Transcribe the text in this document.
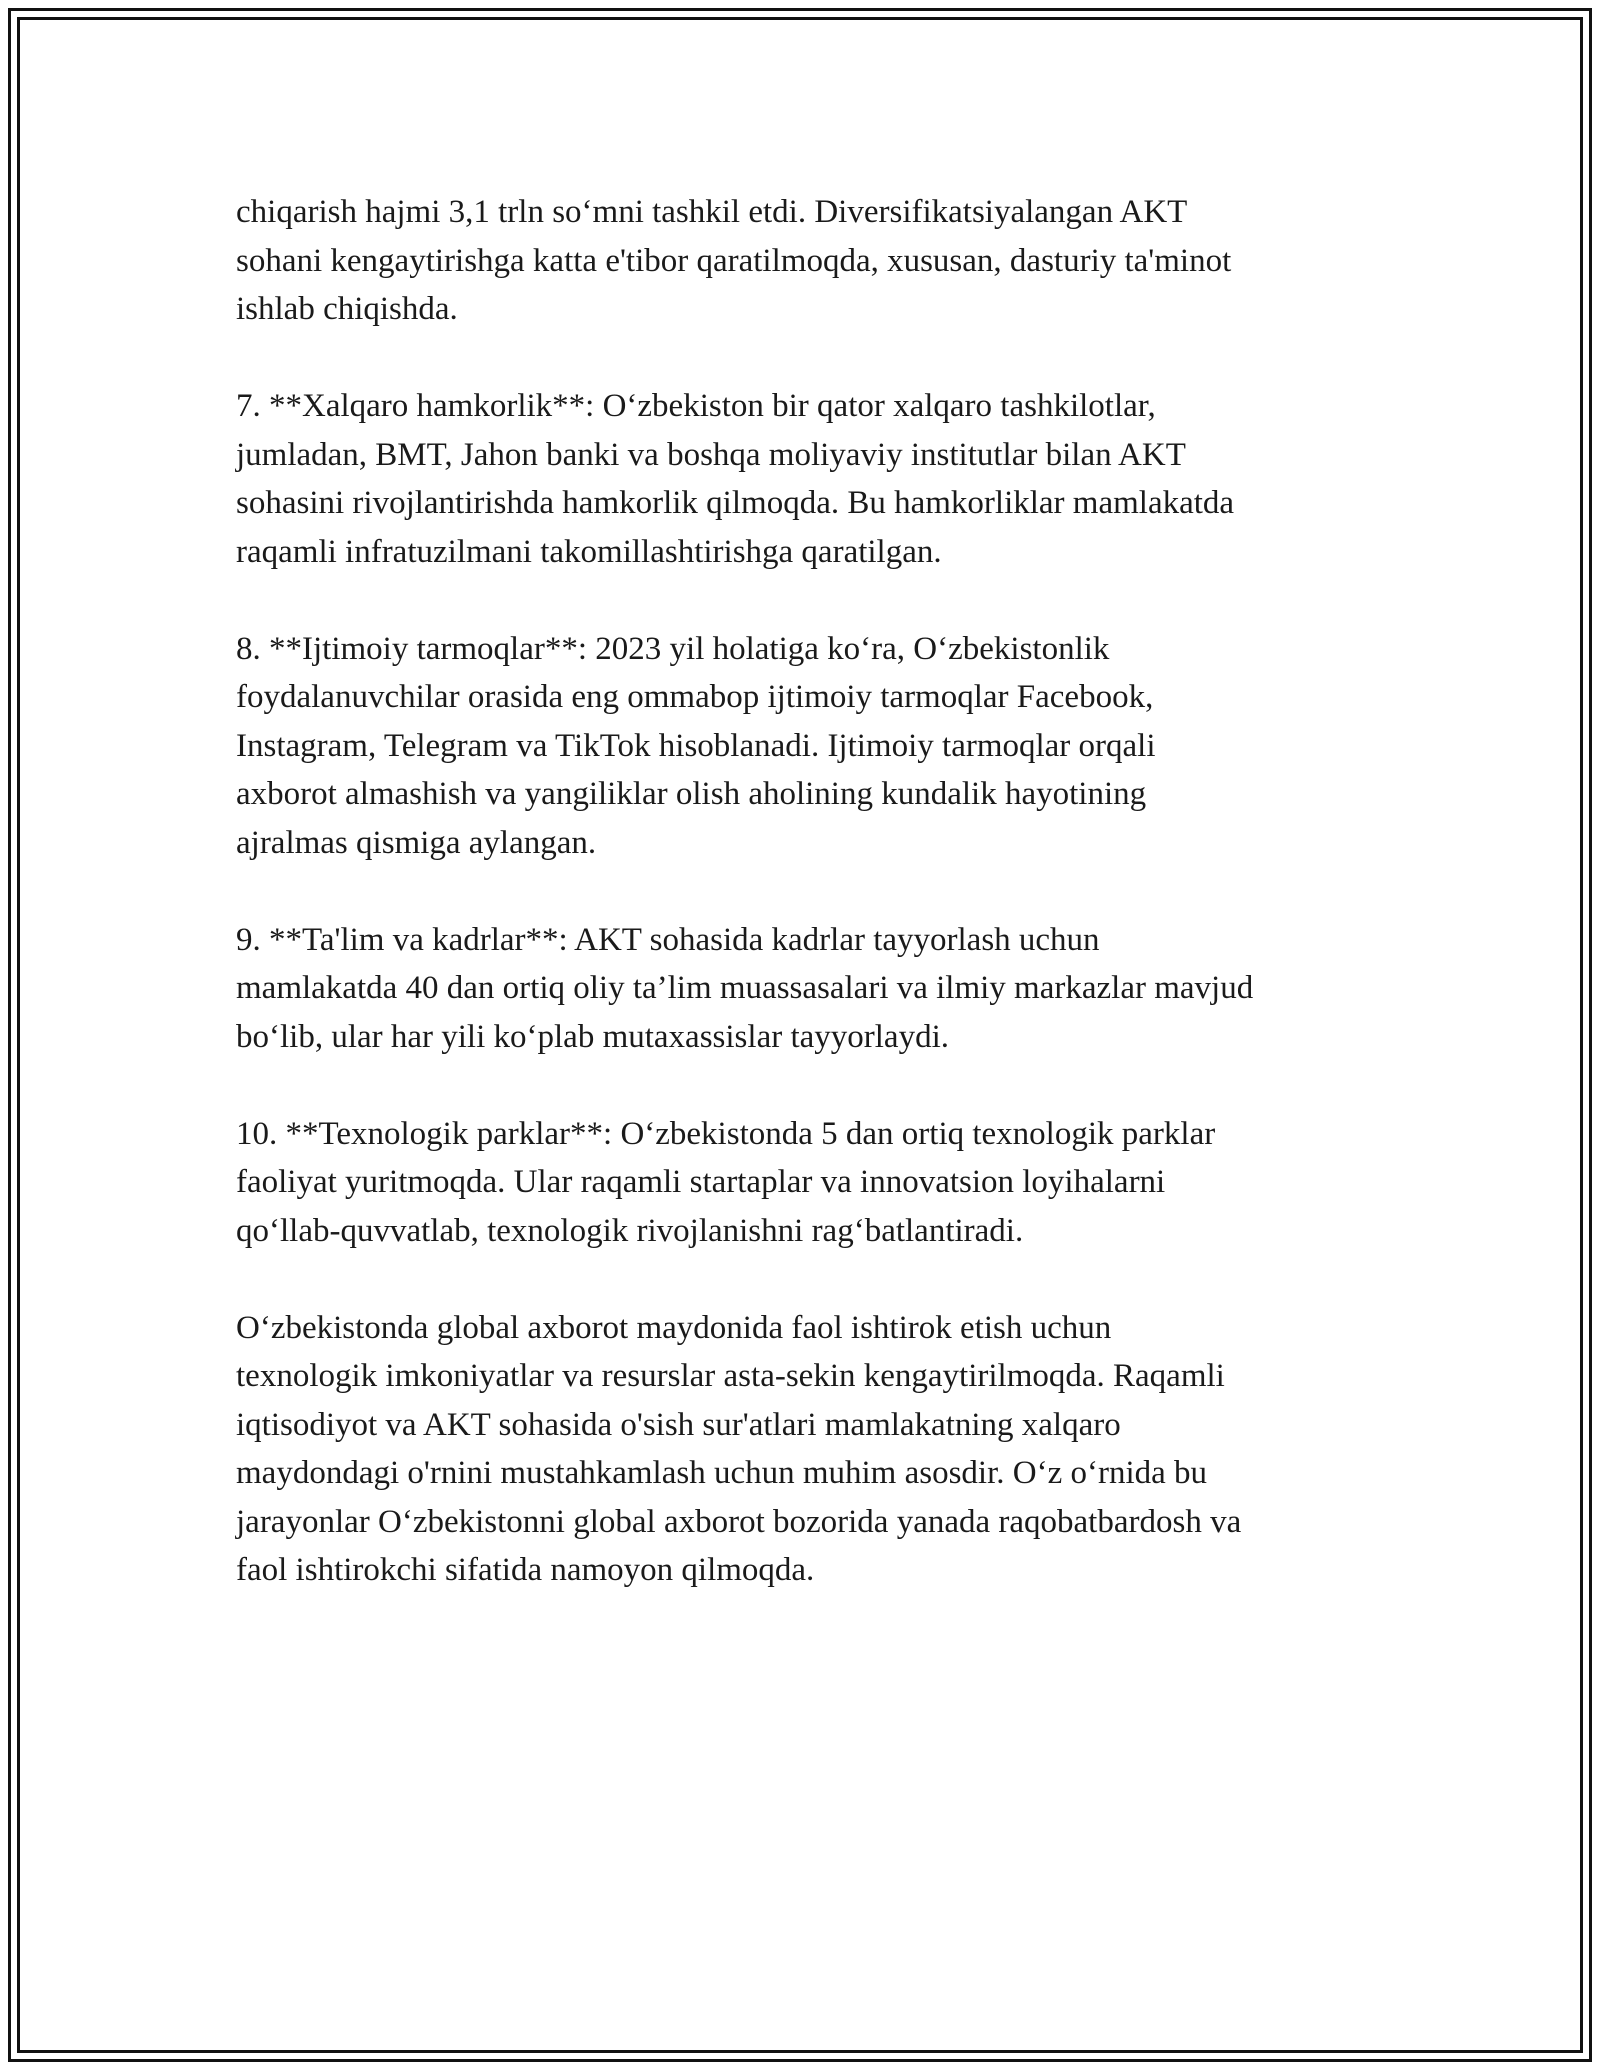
chiqarish hajmi 3,1 trln so‘mni tashkil etdi. Diversifikatsiyalangan AKT
sohani kengaytirishga katta e'tibor qaratilmoqda, xususan, dasturiy ta'minot
ishlab chiqishda.

7. **Xalqaro hamkorlik**: O‘zbekiston bir qator xalqaro tashkilotlar,
jumladan, BMT, Jahon banki va boshqa moliyaviy institutlar bilan AKT
sohasini rivojlantirishda hamkorlik qilmoqda. Bu hamkorliklar mamlakatda
raqamli infratuzilmani takomillashtirishga qaratilgan.

8. **Ijtimoiy tarmoqlar**: 2023 yil holatiga ko‘ra, O‘zbekistonlik
foydalanuvchilar orasida eng ommabop ijtimoiy tarmoqlar Facebook,
Instagram, Telegram va TikTok hisoblanadi. Ijtimoiy tarmoqlar orqali
axborot almashish va yangiliklar olish aholining kundalik hayotining
ajralmas qismiga aylangan.

9. **Ta'lim va kadrlar**: AKT sohasida kadrlar tayyorlash uchun
mamlakatda 40 dan ortiq oliy ta’lim muassasalari va ilmiy markazlar mavjud
bo‘lib, ular har yili ko‘plab mutaxassislar tayyorlaydi.

10. **Texnologik parklar**: O‘zbekistonda 5 dan ortiq texnologik parklar
faoliyat yuritmoqda. Ular raqamli startaplar va innovatsion loyihalarni
qo‘llab-quvvatlab, texnologik rivojlanishni rag‘batlantiradi.

O‘zbekistonda global axborot maydonida faol ishtirok etish uchun
texnologik imkoniyatlar va resurslar asta-sekin kengaytirilmoqda. Raqamli
iqtisodiyot va AKT sohasida o'sish sur'atlari mamlakatning xalqaro
maydondagi o'rnini mustahkamlash uchun muhim asosdir. O‘z o‘rnida bu
jarayonlar O‘zbekistonni global axborot bozorida yanada raqobatbardosh va
faol ishtirokchi sifatida namoyon qilmoqda.
